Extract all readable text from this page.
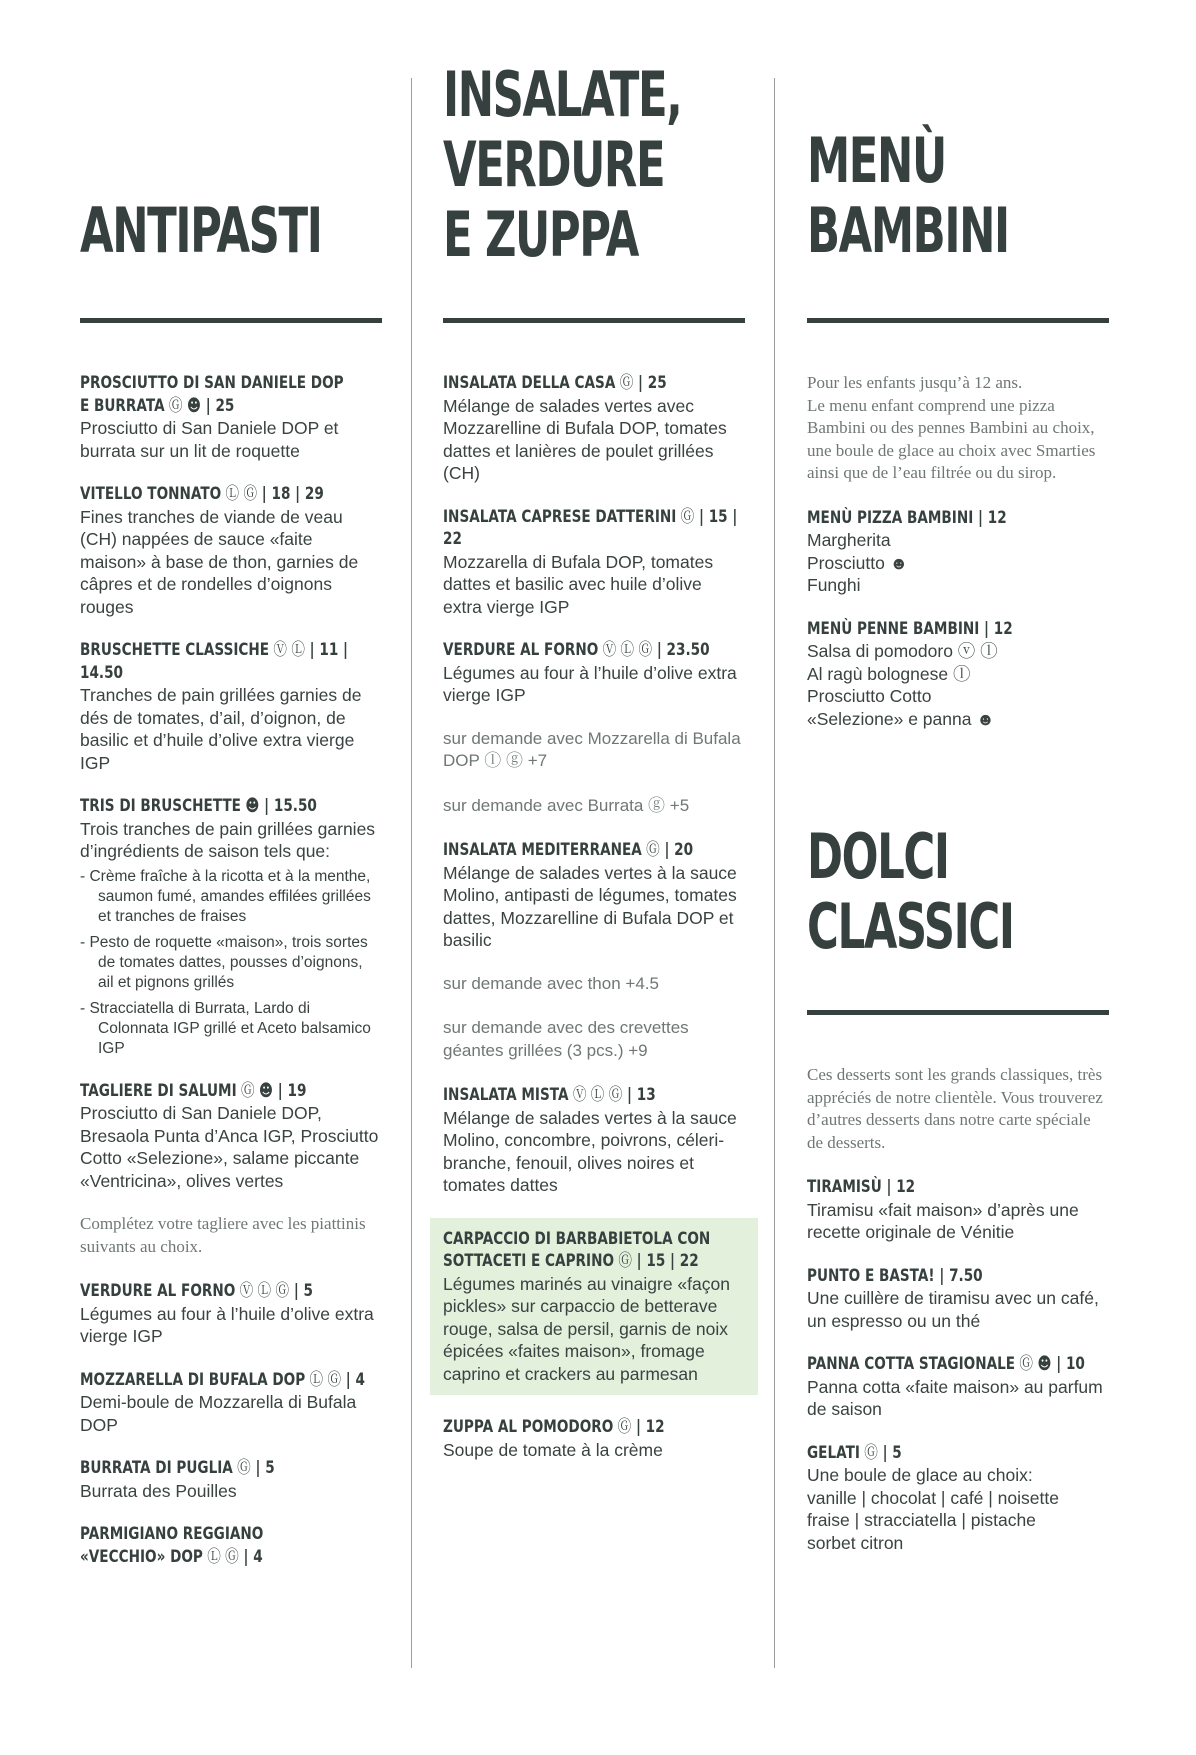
ANTIPASTI
PROSCIUTTO DI SAN DANIELE DOP
E BURRATA Ⓖ ☻ | 25

Prosciutto di San Daniele DOP et burrata sur un lit de roquette

VITELLO TONNATO Ⓛ Ⓖ | 18 | 29

Fines tranches de viande de veau (CH) nappées de sauce «faite maison» à base de thon, garnies de câpres et de rondelles d’oignons rouges

BRUSCHETTE CLASSICHE Ⓥ Ⓛ | 11 | 14.50

Tranches de pain grillées garnies de dés de tomates, d’ail, d’oignon, de basilic et d’huile d’olive extra vierge IGP

TRIS DI BRUSCHETTE ☻ | 15.50

Trois tranches de pain grillées garnies d’ingrédients de saison tels que:

- Crème fraîche à la ricotta et à la menthe, saumon fumé, amandes effilées grillées et tranches de fraises
- Pesto de roquette «maison», trois sortes de tomates dattes, pousses d’oignons, ail et pignons grillés
- Stracciatella di Burrata, Lardo di Colonnata IGP grillé et Aceto balsamico IGP
TAGLIERE DI SALUMI Ⓖ ☻ | 19

Prosciutto di San Daniele DOP, Bresaola Punta d’Anca IGP, Prosciutto Cotto «Selezione», salame piccante «Ventricina», olives vertes

Complétez votre tagliere avec les piattinis suivants au choix.

VERDURE AL FORNO Ⓥ Ⓛ Ⓖ | 5

Légumes au four à l’huile d’olive extra vierge IGP

MOZZARELLA DI BUFALA DOP Ⓛ Ⓖ | 4

Demi-boule de Mozzarella di Bufala DOP

BURRATA DI PUGLIA Ⓖ | 5

Burrata des Pouilles

PARMIGIANO REGGIANO
«VECCHIO» DOP Ⓛ Ⓖ | 4
INSALATE,
VERDURE
E ZUPPA
INSALATA DELLA CASA Ⓖ | 25

Mélange de salades vertes avec Mozzarelline di Bufala DOP, tomates dattes et lanières de poulet grillées (CH)

INSALATA CAPRESE DATTERINI Ⓖ | 15 | 22

Mozzarella di Bufala DOP, tomates dattes et basilic avec huile d’olive extra vierge IGP

VERDURE AL FORNO Ⓥ Ⓛ Ⓖ | 23.50

Légumes au four à l’huile d’olive extra vierge IGP

sur demande avec Mozzarella di Bufala DOP ⓛ ⓖ +7

sur demande avec Burrata ⓖ +5

INSALATA MEDITERRANEA Ⓖ | 20

Mélange de salades vertes à la sauce Molino, antipasti de légumes, tomates dattes, Mozzarelline di Bufala DOP et basilic

sur demande avec thon +4.5

sur demande avec des crevettes géantes grillées (3 pcs.) +9

INSALATA MISTA Ⓥ Ⓛ Ⓖ | 13

Mélange de salades vertes à la sauce Molino, concombre, poivrons, céleri-branche, fenouil, olives noires et tomates dattes

CARPACCIO DI BARBABIETOLA CON
SOTTACETI E CAPRINO Ⓖ | 15 | 22

Légumes marinés au vinaigre «façon pickles» sur carpaccio de betterave rouge, salsa de persil, garnis de noix épicées «faites maison», fromage caprino et crackers au parmesan

ZUPPA AL POMODORO Ⓖ | 12

Soupe de tomate à la crème

MENÙ
BAMBINI

Pour les enfants jusqu’à 12 ans.
Le menu enfant comprend une pizza Bambini ou des pennes Bambini au choix, une boule de glace au choix avec Smarties ainsi que de l’eau filtrée ou du sirop.

MENÙ PIZZA BAMBINI | 12
Margherita
Prosciutto ☻
Funghi
MENÙ PENNE BAMBINI | 12
Salsa di pomodoro ⓥ ⓛ
Al ragù bolognese ⓛ
Prosciutto Cotto
«Selezione» e panna ☻
DOLCI
CLASSICI

Ces desserts sont les grands classiques, très appréciés de notre clientèle. Vous trouverez d’autres desserts dans notre carte spéciale de desserts.

TIRAMISÙ | 12

Tiramisu «fait maison» d’après une recette originale de Vénitie

PUNTO E BASTA! | 7.50

Une cuillère de tiramisu avec un café, un espresso ou un thé

PANNA COTTA STAGIONALE Ⓖ ☻ | 10

Panna cotta «faite maison» au parfum de saison

GELATI Ⓖ | 5

Une boule de glace au choix:
vanille | chocolat | café | noisette
fraise | stracciatella | pistache
sorbet citron
